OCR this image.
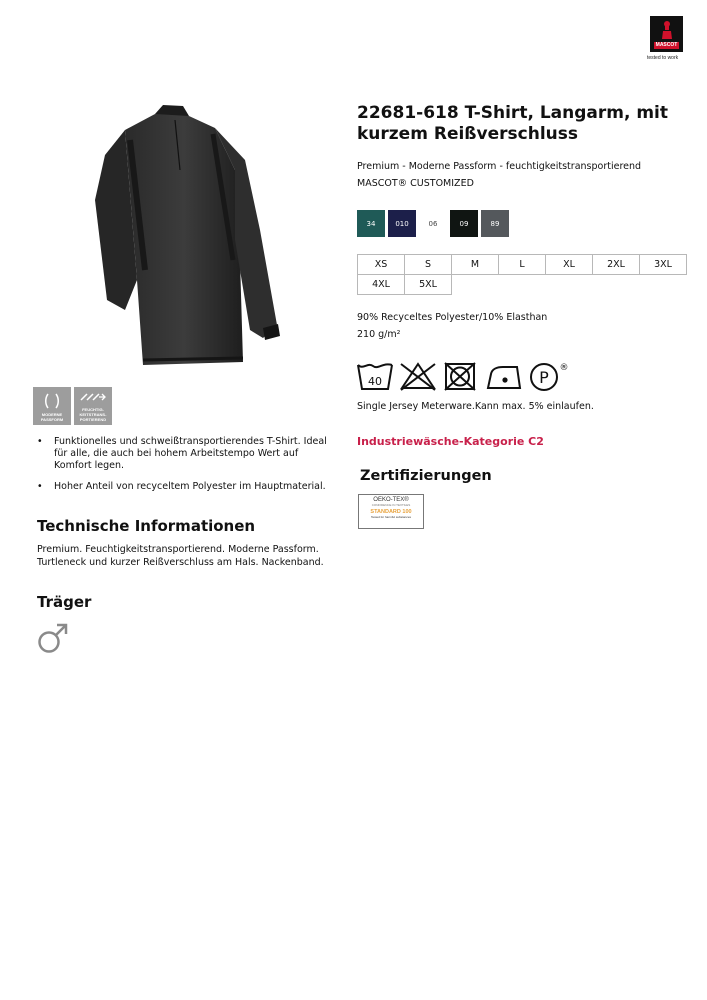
MASCOT
tested to work
MODERNE
PASSFORM
FEUCHTIG-
KEITSTRANS-
PORTIEREND
22681-618 T-Shirt, Langarm, mit kurzem Reißverschluss
Premium - Moderne Passform - feuchtigkeitstransportierend
MASCOT® CUSTOMIZED
34	010	06	09	89
XS	S	M	L	XL	2XL	3XL
4XL	5XL					
90% Recyceltes Polyester/10% Elasthan
210 g/m²
40	P ®
Single Jersey Meterware.Kann max. 5% einlaufen.
Industriewäsche-Kategorie C2
Zertifizierungen
OEKO-TEX®
CONFIDENCE IN TEXTILES
STANDARD 100
Tested for harmful substances
• Funktionelles und schweißtransportierendes T-Shirt. Ideal für alle, die auch bei hohem Arbeitstempo Wert auf Komfort legen.
• Hoher Anteil von recyceltem Polyester im Hauptmaterial.
Technische Informationen
Premium. Feuchtigkeitstransportierend. Moderne Passform. Turtleneck und kurzer Reißverschluss am Hals. Nackenband.
Träger
